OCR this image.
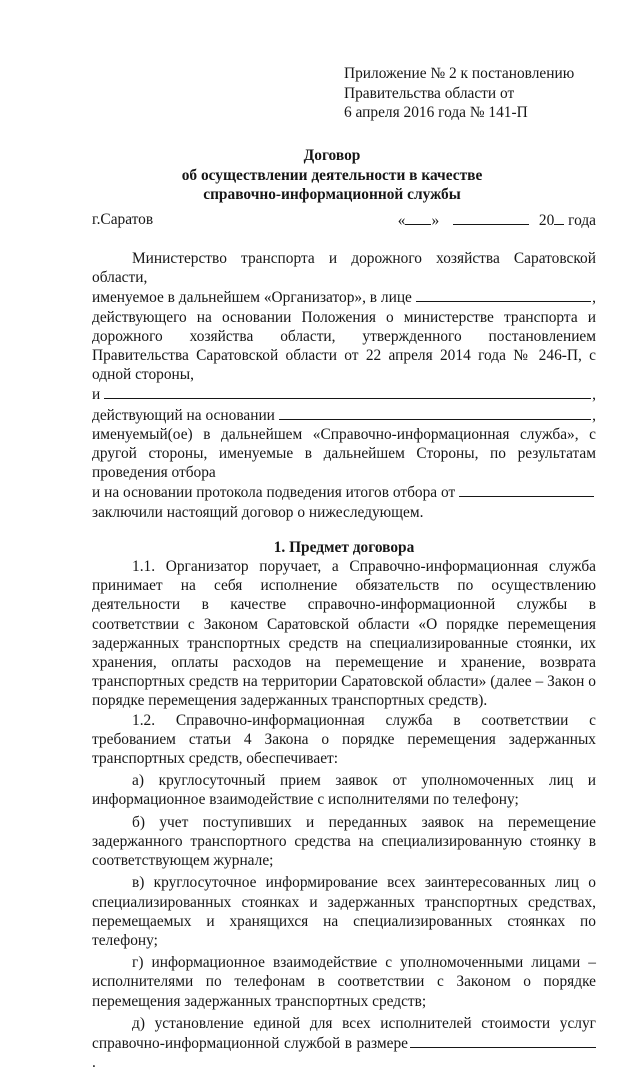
Приложение № 2 к постановлению
Правительства области от
6 апреля 2016 года № 141-П
Договор
об осуществлении деятельности в качестве
справочно-информационной службы
г.Саратов	« »	20 года

Министерство транспорта и дорожного хозяйства Саратовской области,

именуемое в дальнейшем «Организатор», в лице	,

действующего на основании Положения о министерстве транспорта и дорожного хозяйства области, утвержденного постановлением Правительства Саратовской области от 22 апреля 2014 года № 246-П, с одной стороны,

и	,
действующий на основании	,

именуемый(ое) в дальнейшем «Справочно-информационная служба», с другой стороны, именуемые в дальнейшем Стороны, по результатам проведения отбора

и на основании протокола подведения итогов отбора от

заключили настоящий договор о нижеследующем.

1. Предмет договора

1.1. Организатор поручает, а Справочно-информационная служба принимает на себя исполнение обязательств по осуществлению деятельности в качестве справочно-информационной службы в соответствии с Законом Саратовской области «О порядке перемещения задержанных транспортных средств на специализированные стоянки, их хранения, оплаты расходов на перемещение и хранение, возврата транспортных средств на территории Саратовской области» (далее – Закон о порядке перемещения задержанных транспортных средств).

1.2. Справочно-информационная служба в соответствии с требованием статьи 4 Закона о порядке перемещения задержанных транспортных средств, обеспечивает:

а) круглосуточный прием заявок от уполномоченных лиц и информационное взаимодействие с исполнителями по телефону;

б) учет поступивших и переданных заявок на перемещение задержанного транспортного средства на специализированную стоянку в соответствующем журнале;

в) круглосуточное информирование всех заинтересованных лиц о специализированных стоянках и задержанных транспортных средствах, перемещаемых и хранящихся на специализированных стоянках по телефону;

г) информационное взаимодействие с уполномоченными лицами – исполнителями по телефонам в соответствии с Законом о порядке перемещения задержанных транспортных средств;

д) установление единой для всех исполнителей стоимости услуг справочно-информационной службой в размере.
